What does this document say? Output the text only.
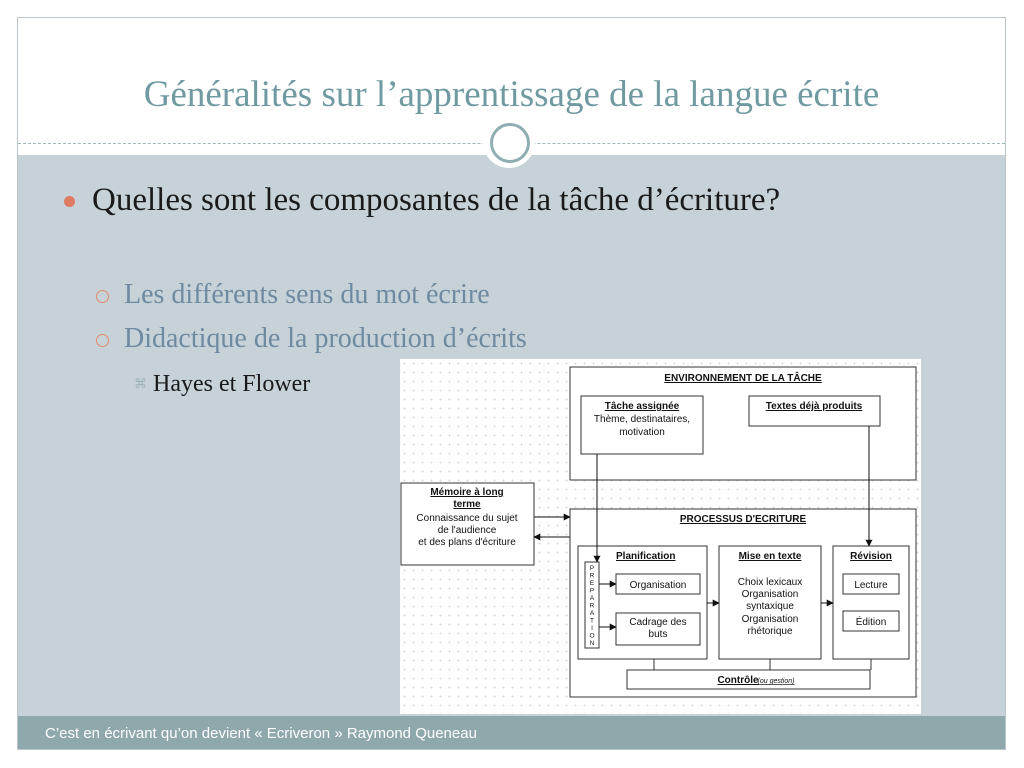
Généralités sur l’apprentissage de la langue écrite
Quelles sont les composantes de la tâche d’écriture?
Les différents sens du mot écrire
Didactique de la production d’écrits
⌘ Hayes et Flower	ENVIRONNEMENT DE LA TÂCHE
Tâche assignée
Thème, destinataires,
motivation
Textes déjà produits
Mémoire à long
terme
Connaissance du sujet
de l'audience
et des plans d'écriture
PROCESSUS D'ECRITURE
Planification
P
R
E
P
A
R
A
T
I
O
N
Organisation
Cadrage des
buts
Mise en texte
Choix lexicaux
Organisation
syntaxique
Organisation
rhétorique
Révision
Lecture
Édition
Contrôle
(ou gestion)
C’est en écrivant qu’on devient « Ecriveron » Raymond Queneau
